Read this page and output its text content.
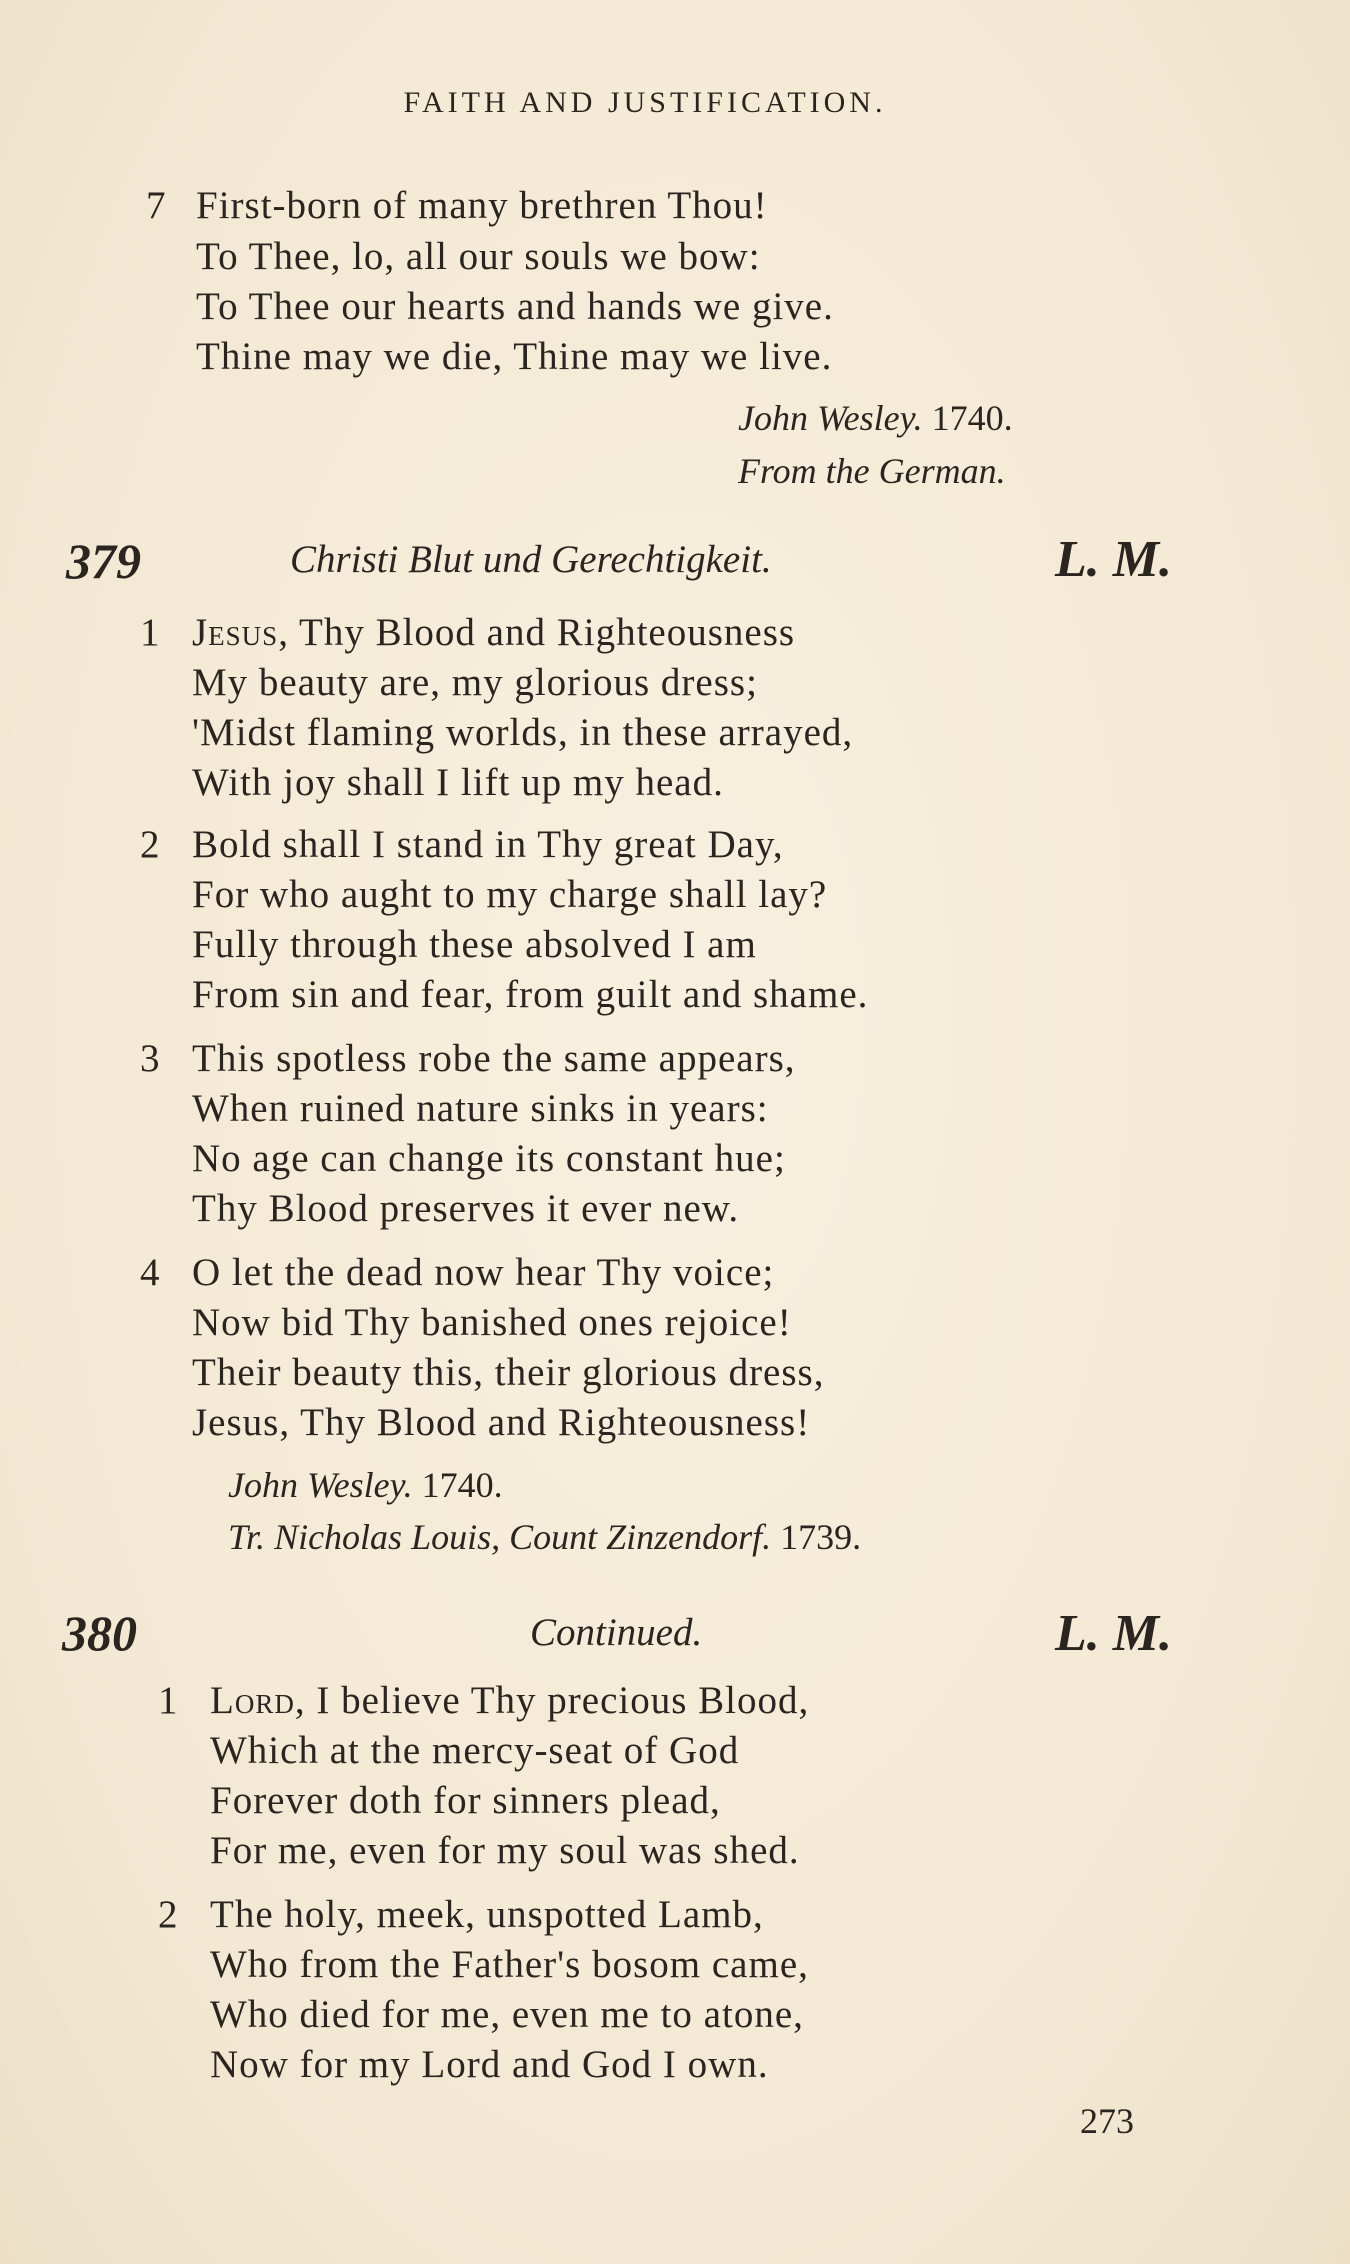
FAITH AND JUSTIFICATION.
7 First-born of many brethren Thou!
To Thee, lo, all our souls we bow:
To Thee our hearts and hands we give.
Thine may we die, Thine may we live.
John Wesley. 1740.
From the German.
379	Christi Blut und Gerechtigkeit.	L. M.
1 Jesus, Thy Blood and Righteousness
My beauty are, my glorious dress;
'Midst flaming worlds, in these arrayed,
With joy shall I lift up my head.
2 Bold shall I stand in Thy great Day,
For who aught to my charge shall lay?
Fully through these absolved I am
From sin and fear, from guilt and shame.
3 This spotless robe the same appears,
When ruined nature sinks in years:
No age can change its constant hue;
Thy Blood preserves it ever new.
4 O let the dead now hear Thy voice;
Now bid Thy banished ones rejoice!
Their beauty this, their glorious dress,
Jesus, Thy Blood and Righteousness!
John Wesley. 1740.
Tr. Nicholas Louis, Count Zinzendorf. 1739.
380	Continued.	L. M.
1 Lord, I believe Thy precious Blood,
Which at the mercy-seat of God
Forever doth for sinners plead,
For me, even for my soul was shed.
2 The holy, meek, unspotted Lamb,
Who from the Father's bosom came,
Who died for me, even me to atone,
Now for my Lord and God I own.
273
